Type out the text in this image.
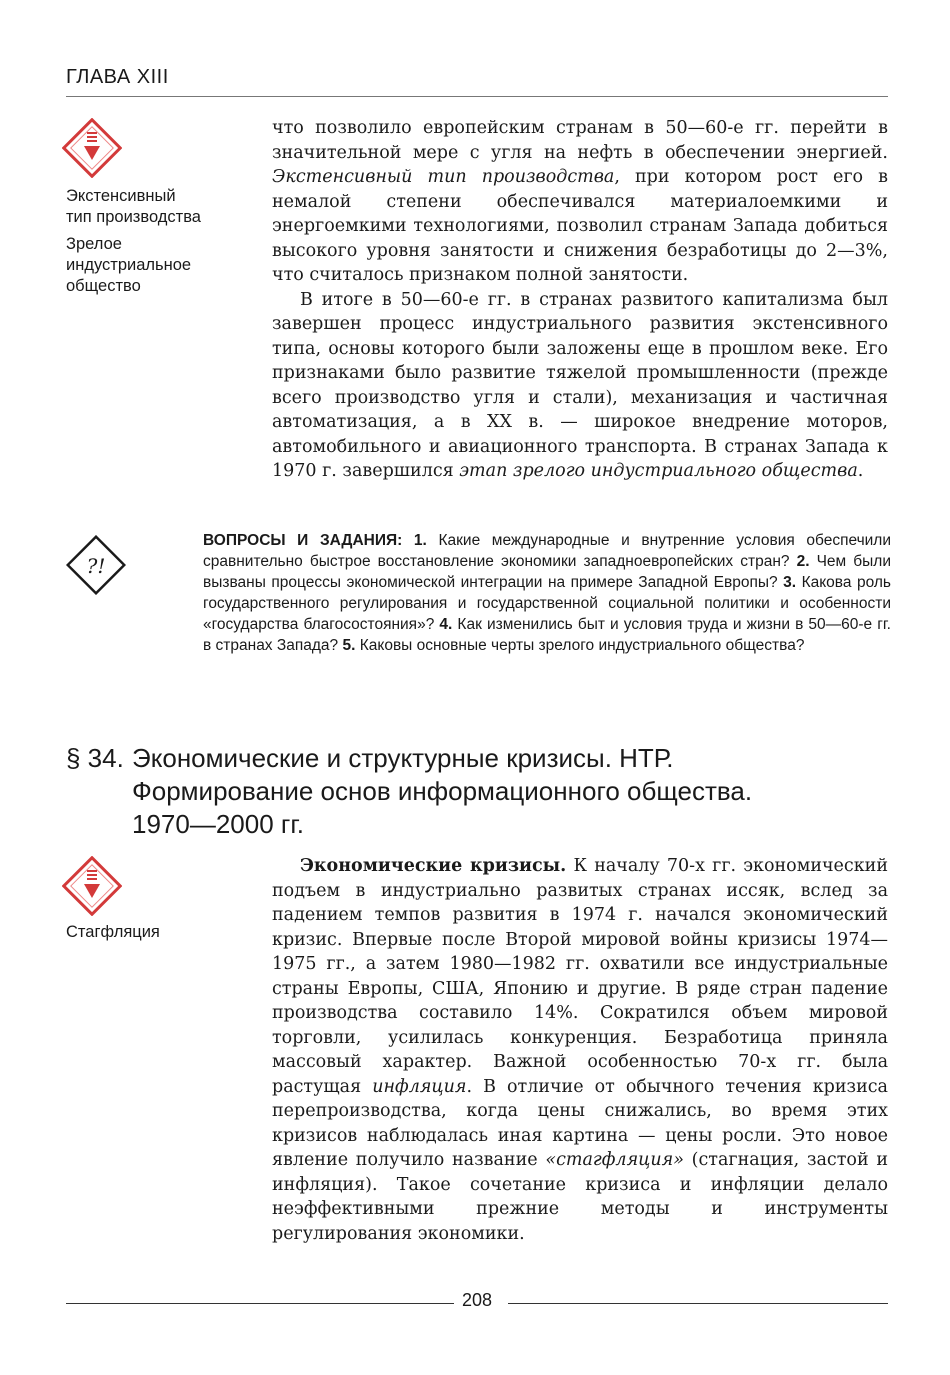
ГЛАВА XIII
Экстенсивный
тип производства
Зрелое
индустриальное
общество

что позволило европейским странам в 50—60-е гг. перейти в значительной мере с угля на нефть в обеспечении энергией. Экстенсивный тип производства, при котором рост его в немалой степени обеспечивался материалоемкими и энергоемкими технологиями, позволил странам Запада добиться высокого уровня занятости и снижения безработицы до 2—3%, что считалось признаком полной занятости.

В итоге в 50—60-е гг. в странах развитого капитализма был завершен процесс индустриального развития экстенсивного типа, основы которого были заложены еще в прошлом веке. Его признаками было развитие тяжелой промышленности (прежде всего производство угля и стали), механизация и частичная автоматизация, а в XX в. — широкое внедрение моторов, автомобильного и авиационного транспорта. В странах Запада к 1970 г. завершился этап зрелого индустриального общества.

?!
ВОПРОСЫ И ЗАДАНИЯ: 1. Какие международные и внутренние условия обеспечили сравнительно быстрое восстановление экономики западноевропейских стран? 2. Чем были вызваны процессы экономической интеграции на примере Западной Европы? 3. Какова роль государственного регулирования и государственной социальной политики и особенности «государства благосостояния»? 4. Как изменились быт и условия труда и жизни в 50—60-е гг. в странах Запада? 5. Каковы основные черты зрелого индустриального общества?
§ 34. Экономические и структурные кризисы. НТР.
Формирование основ информационного общества.
1970—2000 гг.
Стагфляция

Экономические кризисы. К началу 70-х гг. экономический подъем в индустриально развитых странах иссяк, вслед за падением темпов развития в 1974 г. начался экономический кризис. Впервые после Второй мировой войны кризисы 1974—1975 гг., а затем 1980—1982 гг. охватили все индустриальные страны Европы, США, Японию и другие. В ряде стран падение производства составило 14%. Сократился объем мировой торговли, усилилась конкуренция. Безработица приняла массовый характер. Важной особенностью 70-х гг. была растущая инфляция. В отличие от обычного течения кризиса перепроизводства, когда цены снижались, во время этих кризисов наблюдалась иная картина — цены росли. Это новое явление получило название «стагфляция» (стагнация, застой и инфляция). Такое сочетание кризиса и инфляции делало неэффективными прежние методы и инструменты регулирования экономики.

208
